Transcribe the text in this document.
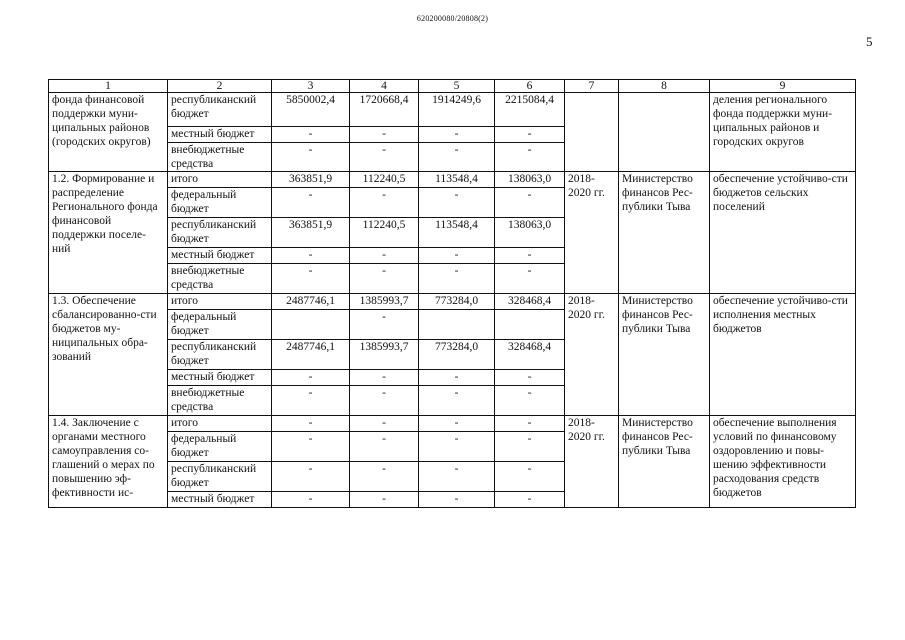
620200080/20808(2)
5
1	2	3	4	5	6	7	8	9
фонда финансовой поддержки муни-ципальных районов (городских округов)	республиканский бюджет	5850002,4	1720668,4	1914249,6	2215084,4			деления регионального фонда поддержки муни-ципальных районов и городских округов
	местный бюджет	-	-	-	-			
	внебюджетные средства	-	-	-	-			
1.2. Формирование и распределение Регионального фонда финансовой поддержки поселе-ний	итого	363851,9	112240,5	113548,4	138063,0	2018-2020 гг.	Министерство финансов Рес-публики Тыва	обеспечение устойчиво-сти бюджетов сельских поселений
	федеральный бюджет	-	-	-	-			
	республиканский бюджет	363851,9	112240,5	113548,4	138063,0			
	местный бюджет	-	-	-	-			
	внебюджетные средства	-	-	-	-			
1.3. Обеспечение сбалансированно-сти бюджетов му-ниципальных обра-зований	итого	2487746,1	1385993,7	773284,0	328468,4	2018-2020 гг.	Министерство финансов Рес-публики Тыва	обеспечение устойчиво-сти исполнения местных бюджетов
	федеральный бюджет		-					
	республиканский бюджет	2487746,1	1385993,7	773284,0	328468,4			
	местный бюджет	-	-	-	-			
	внебюджетные средства	-	-	-	-			
1.4. Заключение с органами местного самоуправления со-глашений о мерах по повышению эф-фективности ис-	итого	-	-	-	-	2018-2020 гг.	Министерство финансов Рес-публики Тыва	обеспечение выполнения условий по финансовому оздоровлению и повы-шению эффективности расходования средств бюджетов
	федеральный бюджет	-	-	-	-			
	республиканский бюджет	-	-	-	-			
	местный бюджет	-	-	-	-			
